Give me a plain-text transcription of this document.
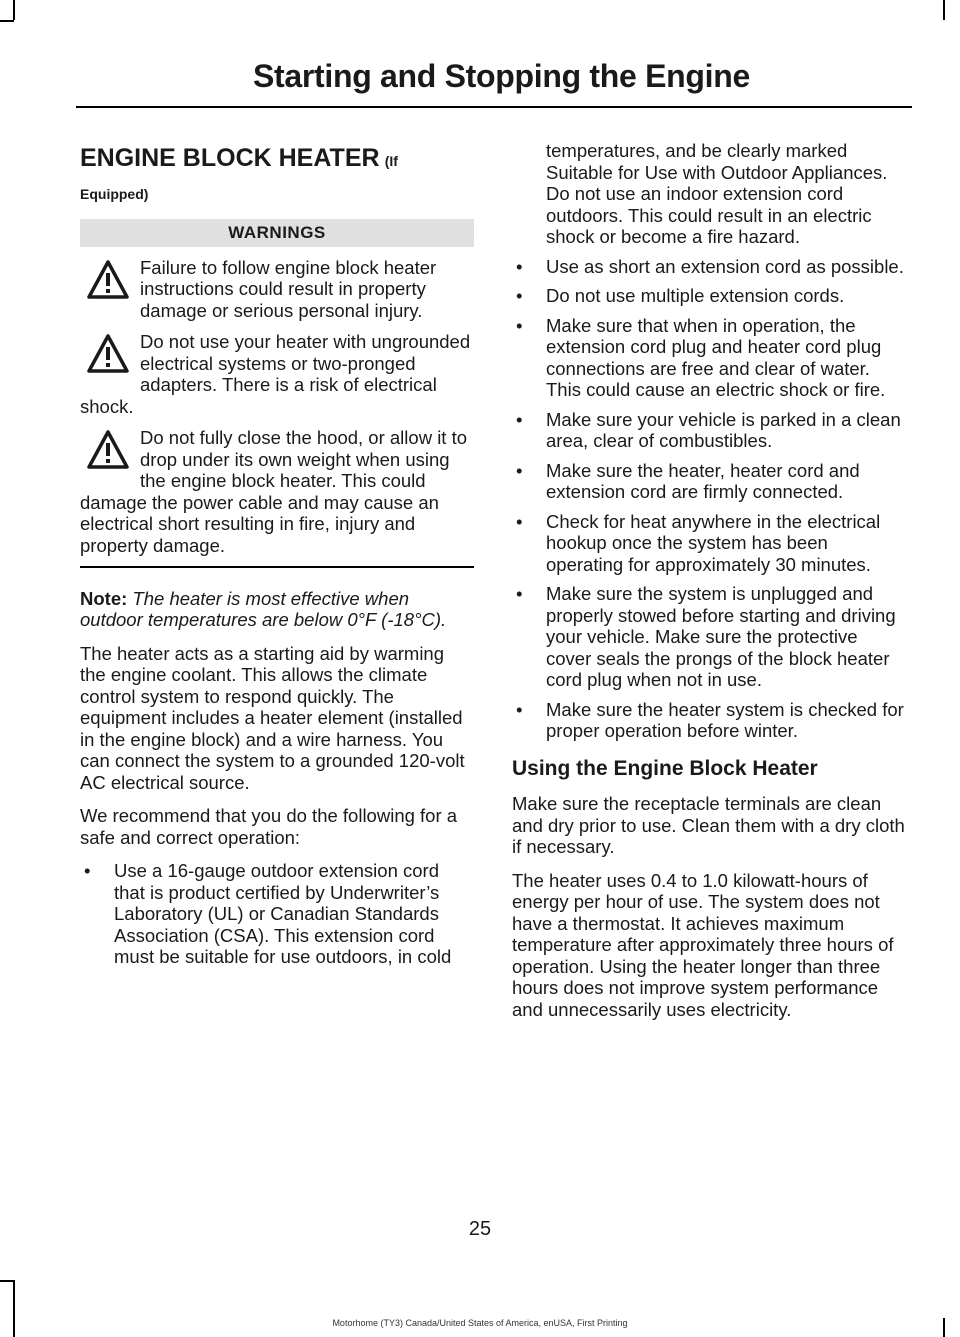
Starting and Stopping the Engine
ENGINE BLOCK HEATER (If
Equipped)
WARNINGS
Failure to follow engine block heater instructions could result in property damage or serious personal injury.
Do not use your heater with ungrounded electrical systems or two-pronged adapters. There is a risk of electrical shock.
Do not fully close the hood, or allow it to drop under its own weight when using the engine block heater. This could damage the power cable and may cause an electrical short resulting in fire, injury and property damage.

Note: The heater is most effective when outdoor temperatures are below 0°F (-18°C).

The heater acts as a starting aid by warming the engine coolant. This allows the climate control system to respond quickly. The equipment includes a heater element (installed in the engine block) and a wire harness. You can connect the system to a grounded 120-volt AC electrical source.

We recommend that you do the following for a safe and correct operation:

• Use a 16-gauge outdoor extension cord that is product certified by Underwriter’s Laboratory (UL) or Canadian Standards Association (CSA). This extension cord must be suitable for use outdoors, in cold
temperatures, and be clearly marked Suitable for Use with Outdoor Appliances. Do not use an indoor extension cord outdoors. This could result in an electric shock or become a fire hazard.
• Use as short an extension cord as possible.
• Do not use multiple extension cords.
• Make sure that when in operation, the extension cord plug and heater cord plug connections are free and clear of water. This could cause an electric shock or fire.
• Make sure your vehicle is parked in a clean area, clear of combustibles.
• Make sure the heater, heater cord and extension cord are firmly connected.
• Check for heat anywhere in the electrical hookup once the system has been operating for approximately 30 minutes.
• Make sure the system is unplugged and properly stowed before starting and driving your vehicle. Make sure the protective cover seals the prongs of the block heater cord plug when not in use.
• Make sure the heater system is checked for proper operation before winter.
Using the Engine Block Heater

Make sure the receptacle terminals are clean and dry prior to use. Clean them with a dry cloth if necessary.

The heater uses 0.4 to 1.0 kilowatt-hours of energy per hour of use. The system does not have a thermostat. It achieves maximum temperature after approximately three hours of operation. Using the heater longer than three hours does not improve system performance and unnecessarily uses electricity.

25
Motorhome (TY3) Canada/United States of America, enUSA, First Printing
